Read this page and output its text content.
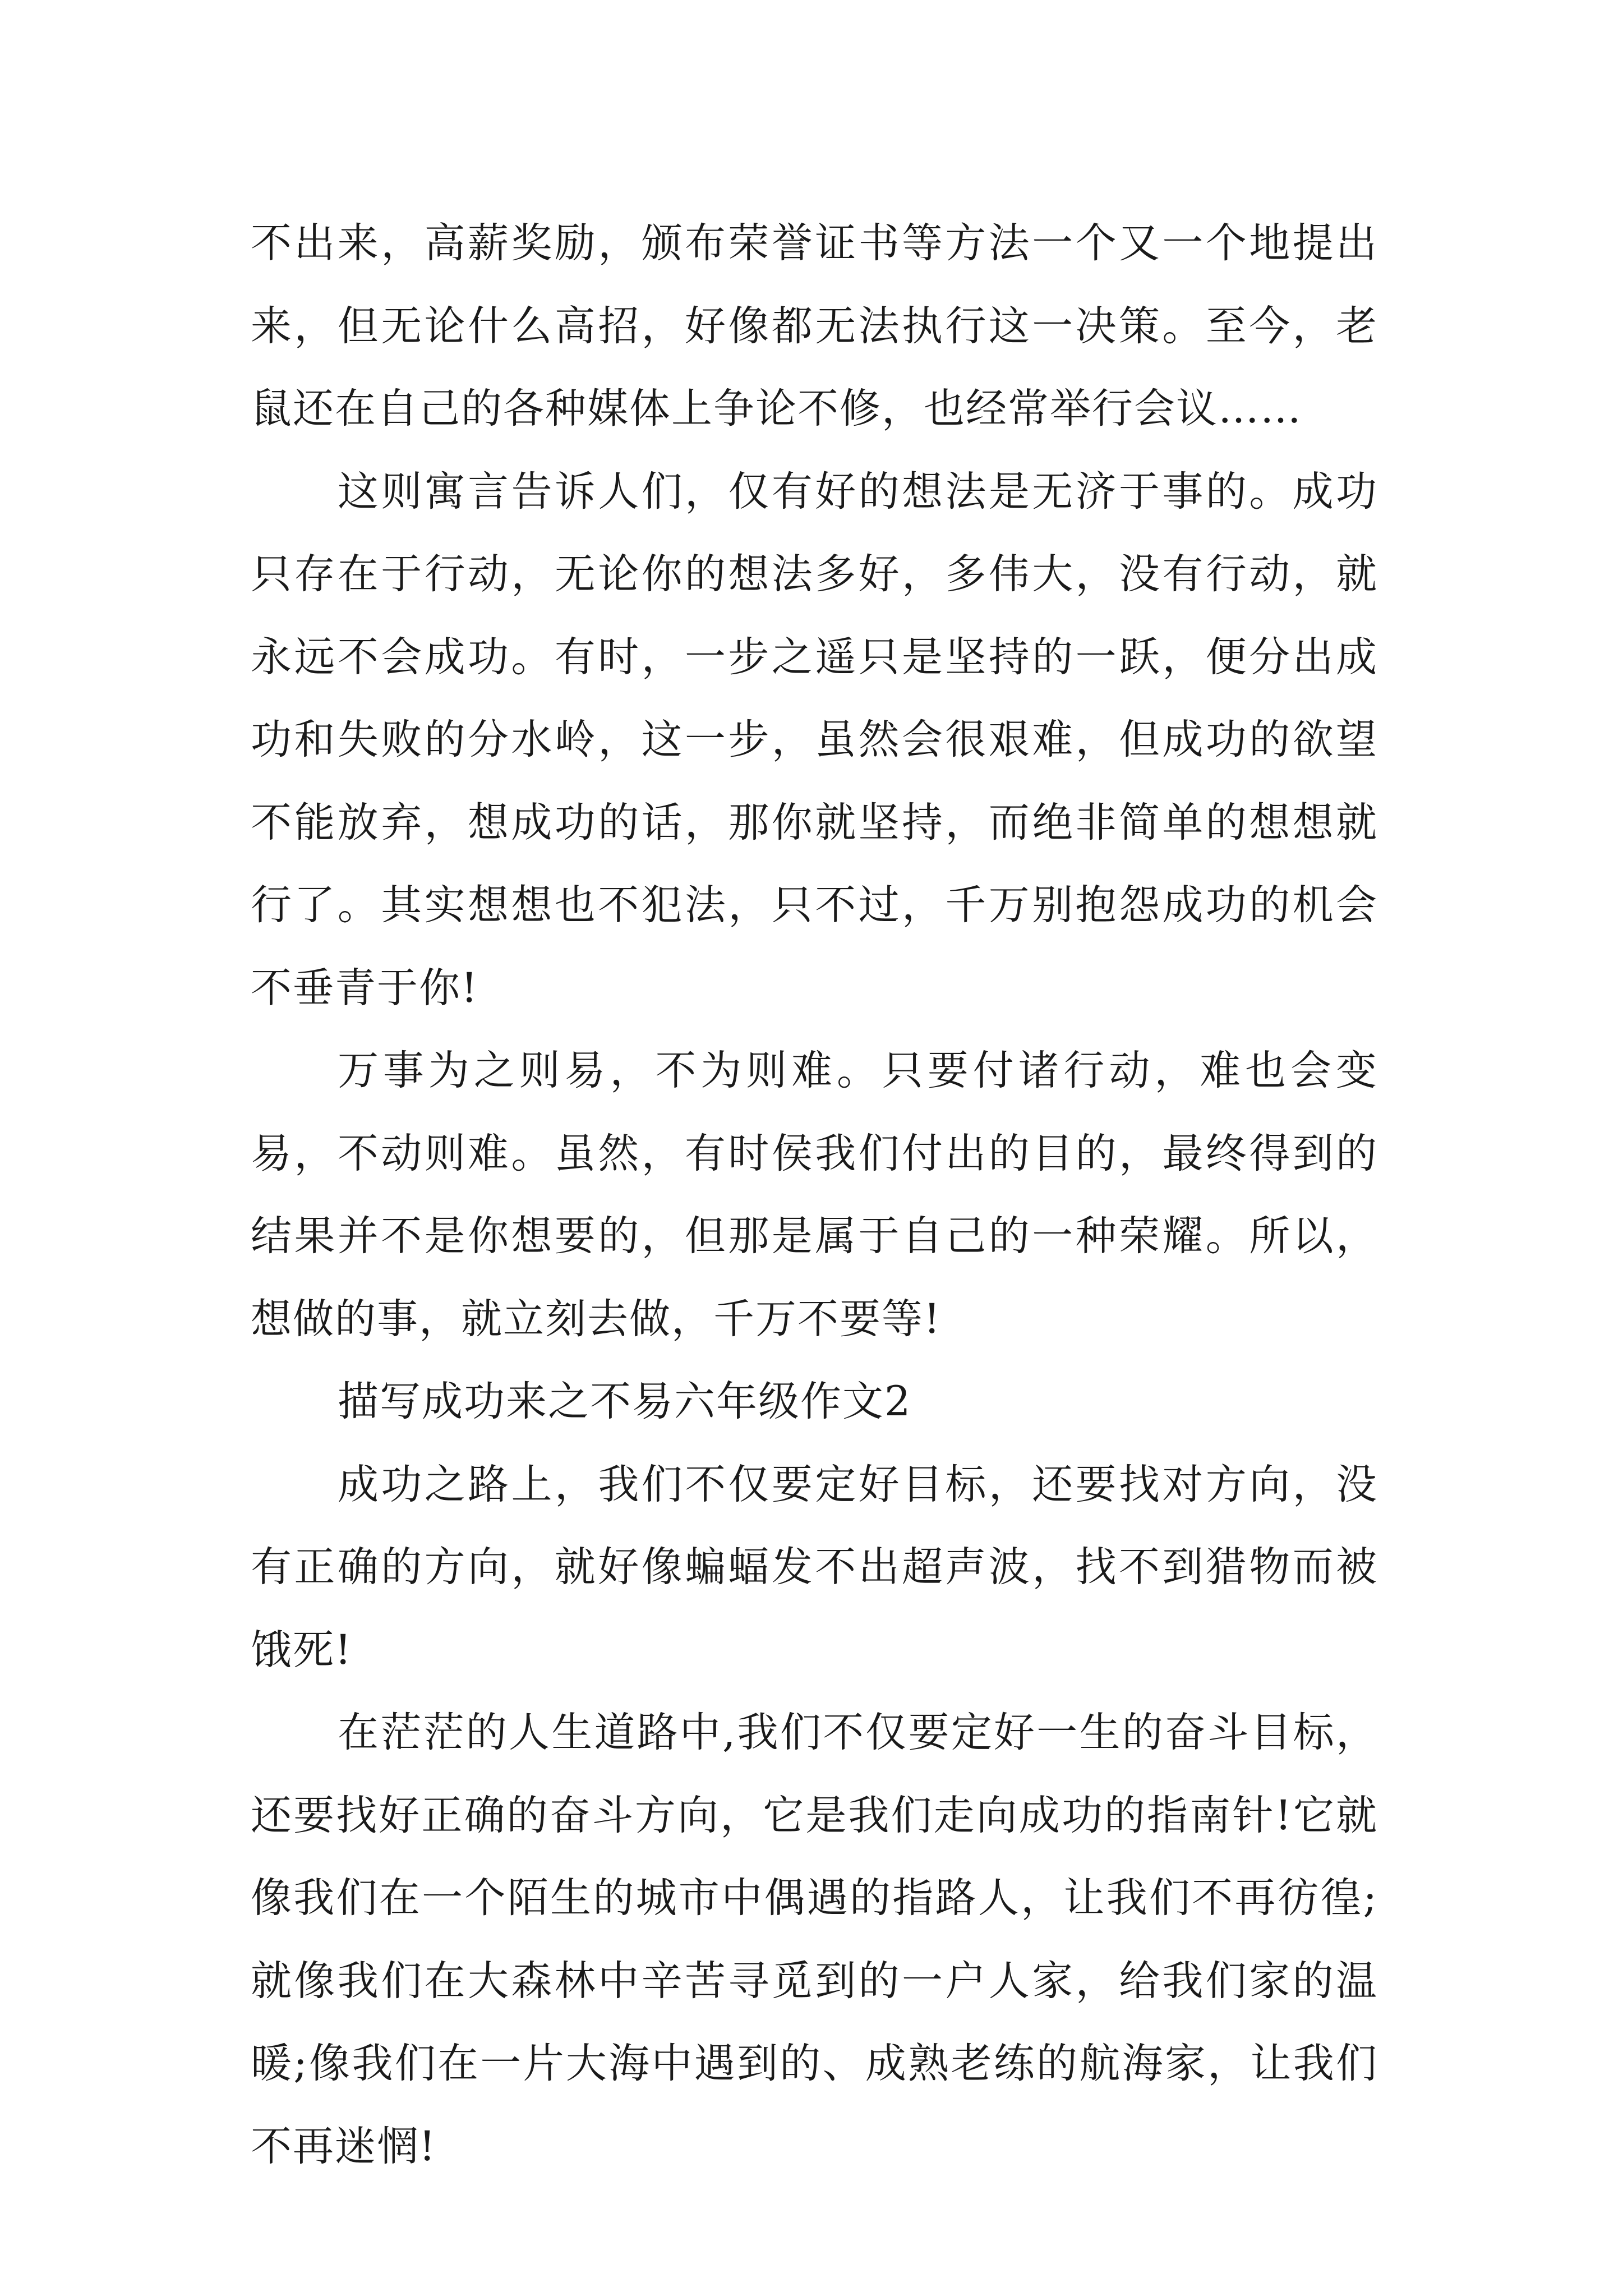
不出来，高薪奖励，颁布荣誉证书等方法一个又一个地提出来，但无论什么高招，好像都无法执行这一决策。至今，老鼠还在自己的各种媒体上争论不修，也经常举行会议……

这则寓言告诉人们，仅有好的想法是无济于事的。成功只存在于行动，无论你的想法多好，多伟大，没有行动，就永远不会成功。有时，一步之遥只是坚持的一跃，便分出成功和失败的分水岭，这一步，虽然会很艰难，但成功的欲望不能放弃，想成功的话，那你就坚持，而绝非简单的想想就行了。其实想想也不犯法，只不过，千万别抱怨成功的机会不垂青于你!

万事为之则易，不为则难。只要付诸行动，难也会变易，不动则难。虽然，有时侯我们付出的目的，最终得到的结果并不是你想要的，但那是属于自己的一种荣耀。所以，想做的事，就立刻去做，千万不要等!

描写成功来之不易六年级作文2

成功之路上，我们不仅要定好目标，还要找对方向，没有正确的方向，就好像蝙蝠发不出超声波，找不到猎物而被饿死!

在茫茫的人生道路中,我们不仅要定好一生的奋斗目标，还要找好正确的奋斗方向，它是我们走向成功的指南针!它就像我们在一个陌生的城市中偶遇的指路人，让我们不再彷徨;就像我们在大森林中辛苦寻觅到的一户人家，给我们家的温暖;像我们在一片大海中遇到的、成熟老练的航海家，让我们不再迷惘!
